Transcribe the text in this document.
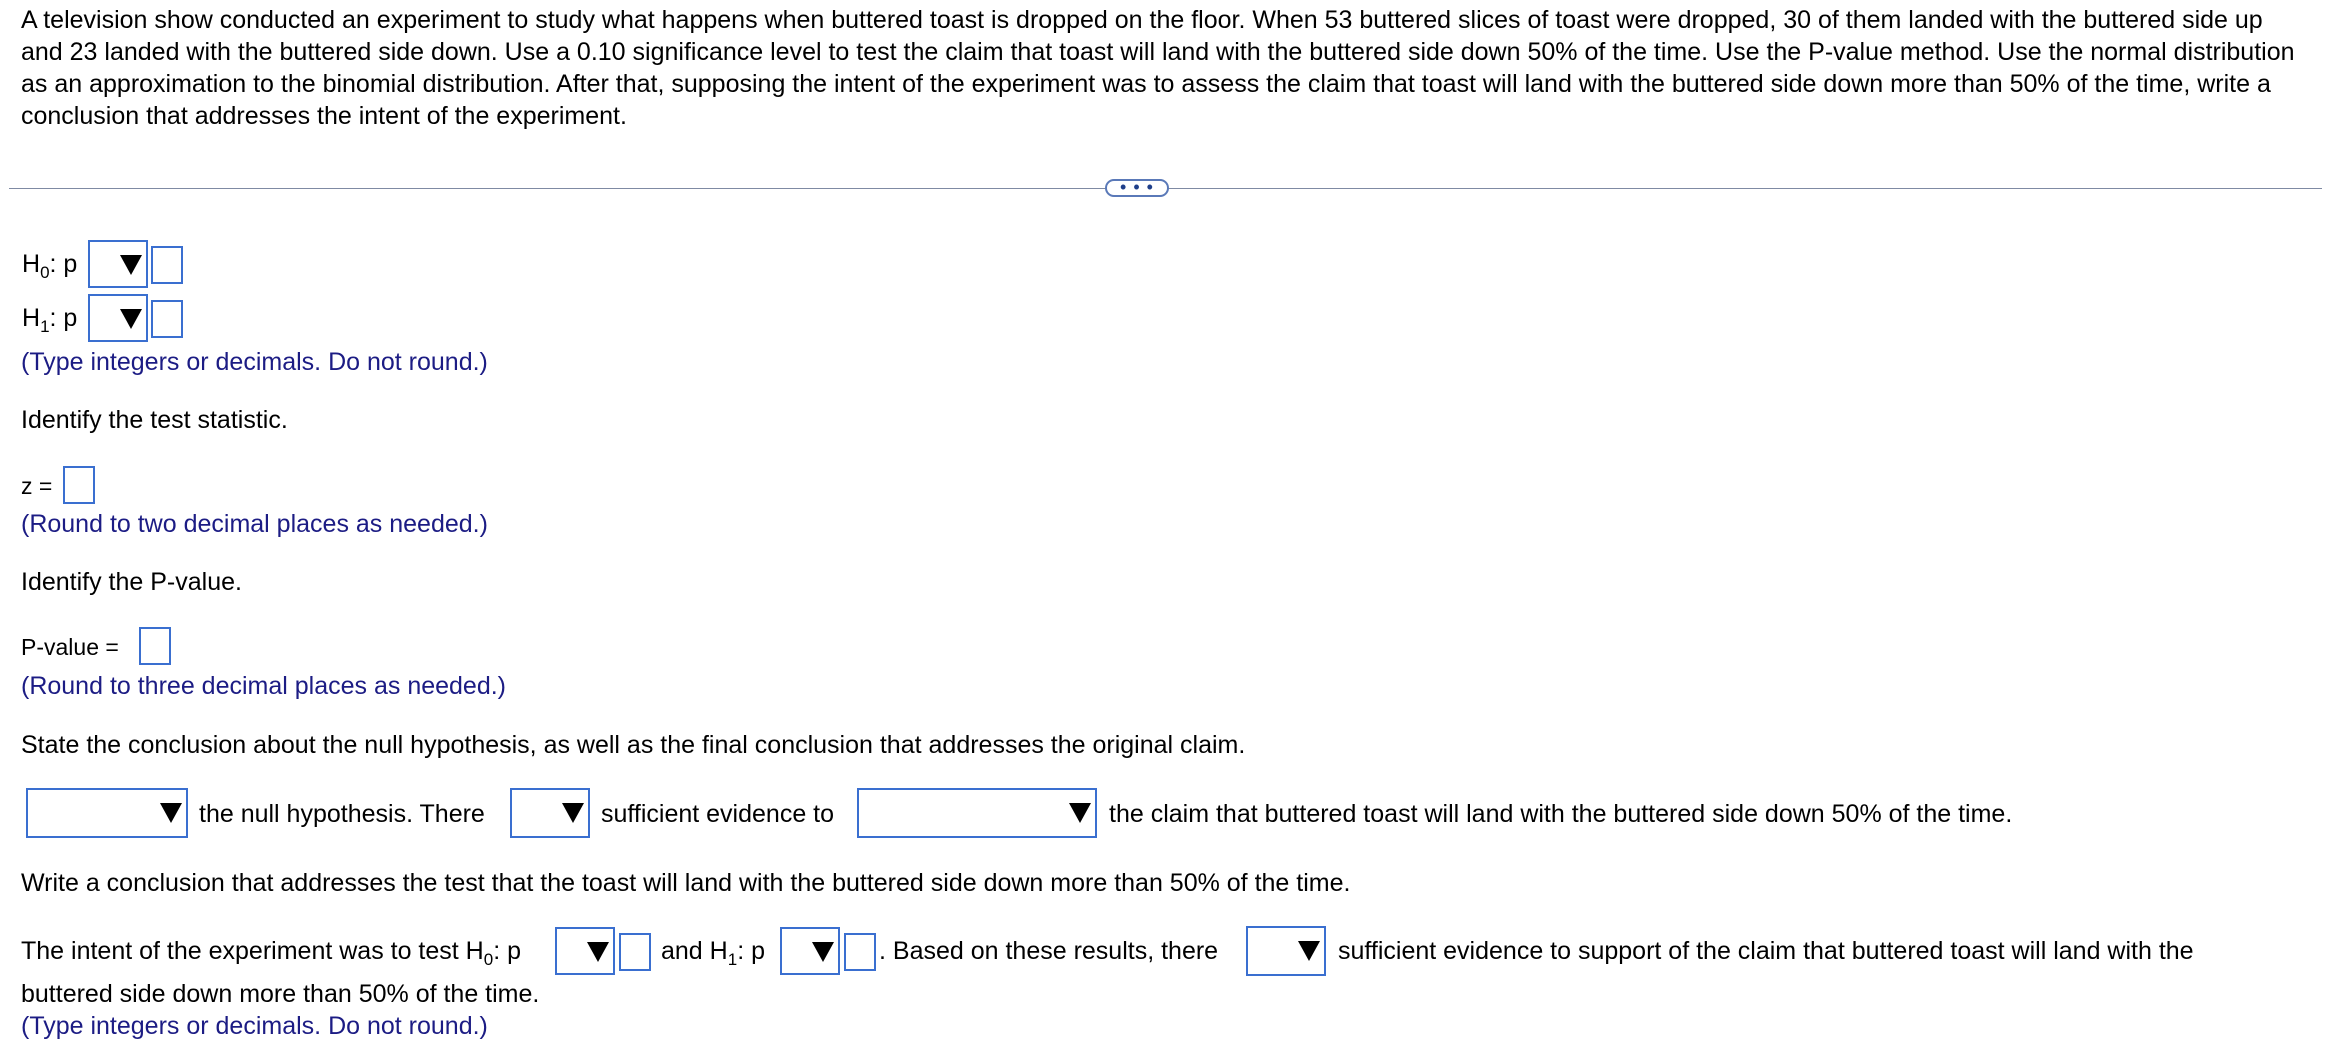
A television show conducted an experiment to study what happens when buttered toast is dropped on the floor. When 53 buttered slices of toast were dropped, 30 of them landed with the buttered side up and 23 landed with the buttered side down. Use a 0.10 significance level to test the claim that toast will land with the buttered side down 50% of the time. Use the P-value method. Use the normal distribution as an approximation to the binomial distribution. After that, supposing the intent of the experiment was to assess the claim that toast will land with the buttered side down more than 50% of the time, write a conclusion that addresses the intent of the experiment.

• • •
$H_0$: p
$H_1$: p
(Type integers or decimals. Do not round.)
Identify the test statistic.
z =
(Round to two decimal places as needed.)
Identify the P-value.
P-value =
(Round to three decimal places as needed.)
State the conclusion about the null hypothesis, as well as the final conclusion that addresses the original claim.
the null hypothesis. There	sufficient evidence to	the claim that buttered toast will land with the buttered side down 50% of the time.
Write a conclusion that addresses the test that the toast will land with the buttered side down more than 50% of the time.
The intent of the experiment was to test $H_0$: p	and $H_1$: p	. Based on these results, there	sufficient evidence to support of the claim that buttered toast will land with the
buttered side down more than 50% of the time.
(Type integers or decimals. Do not round.)
